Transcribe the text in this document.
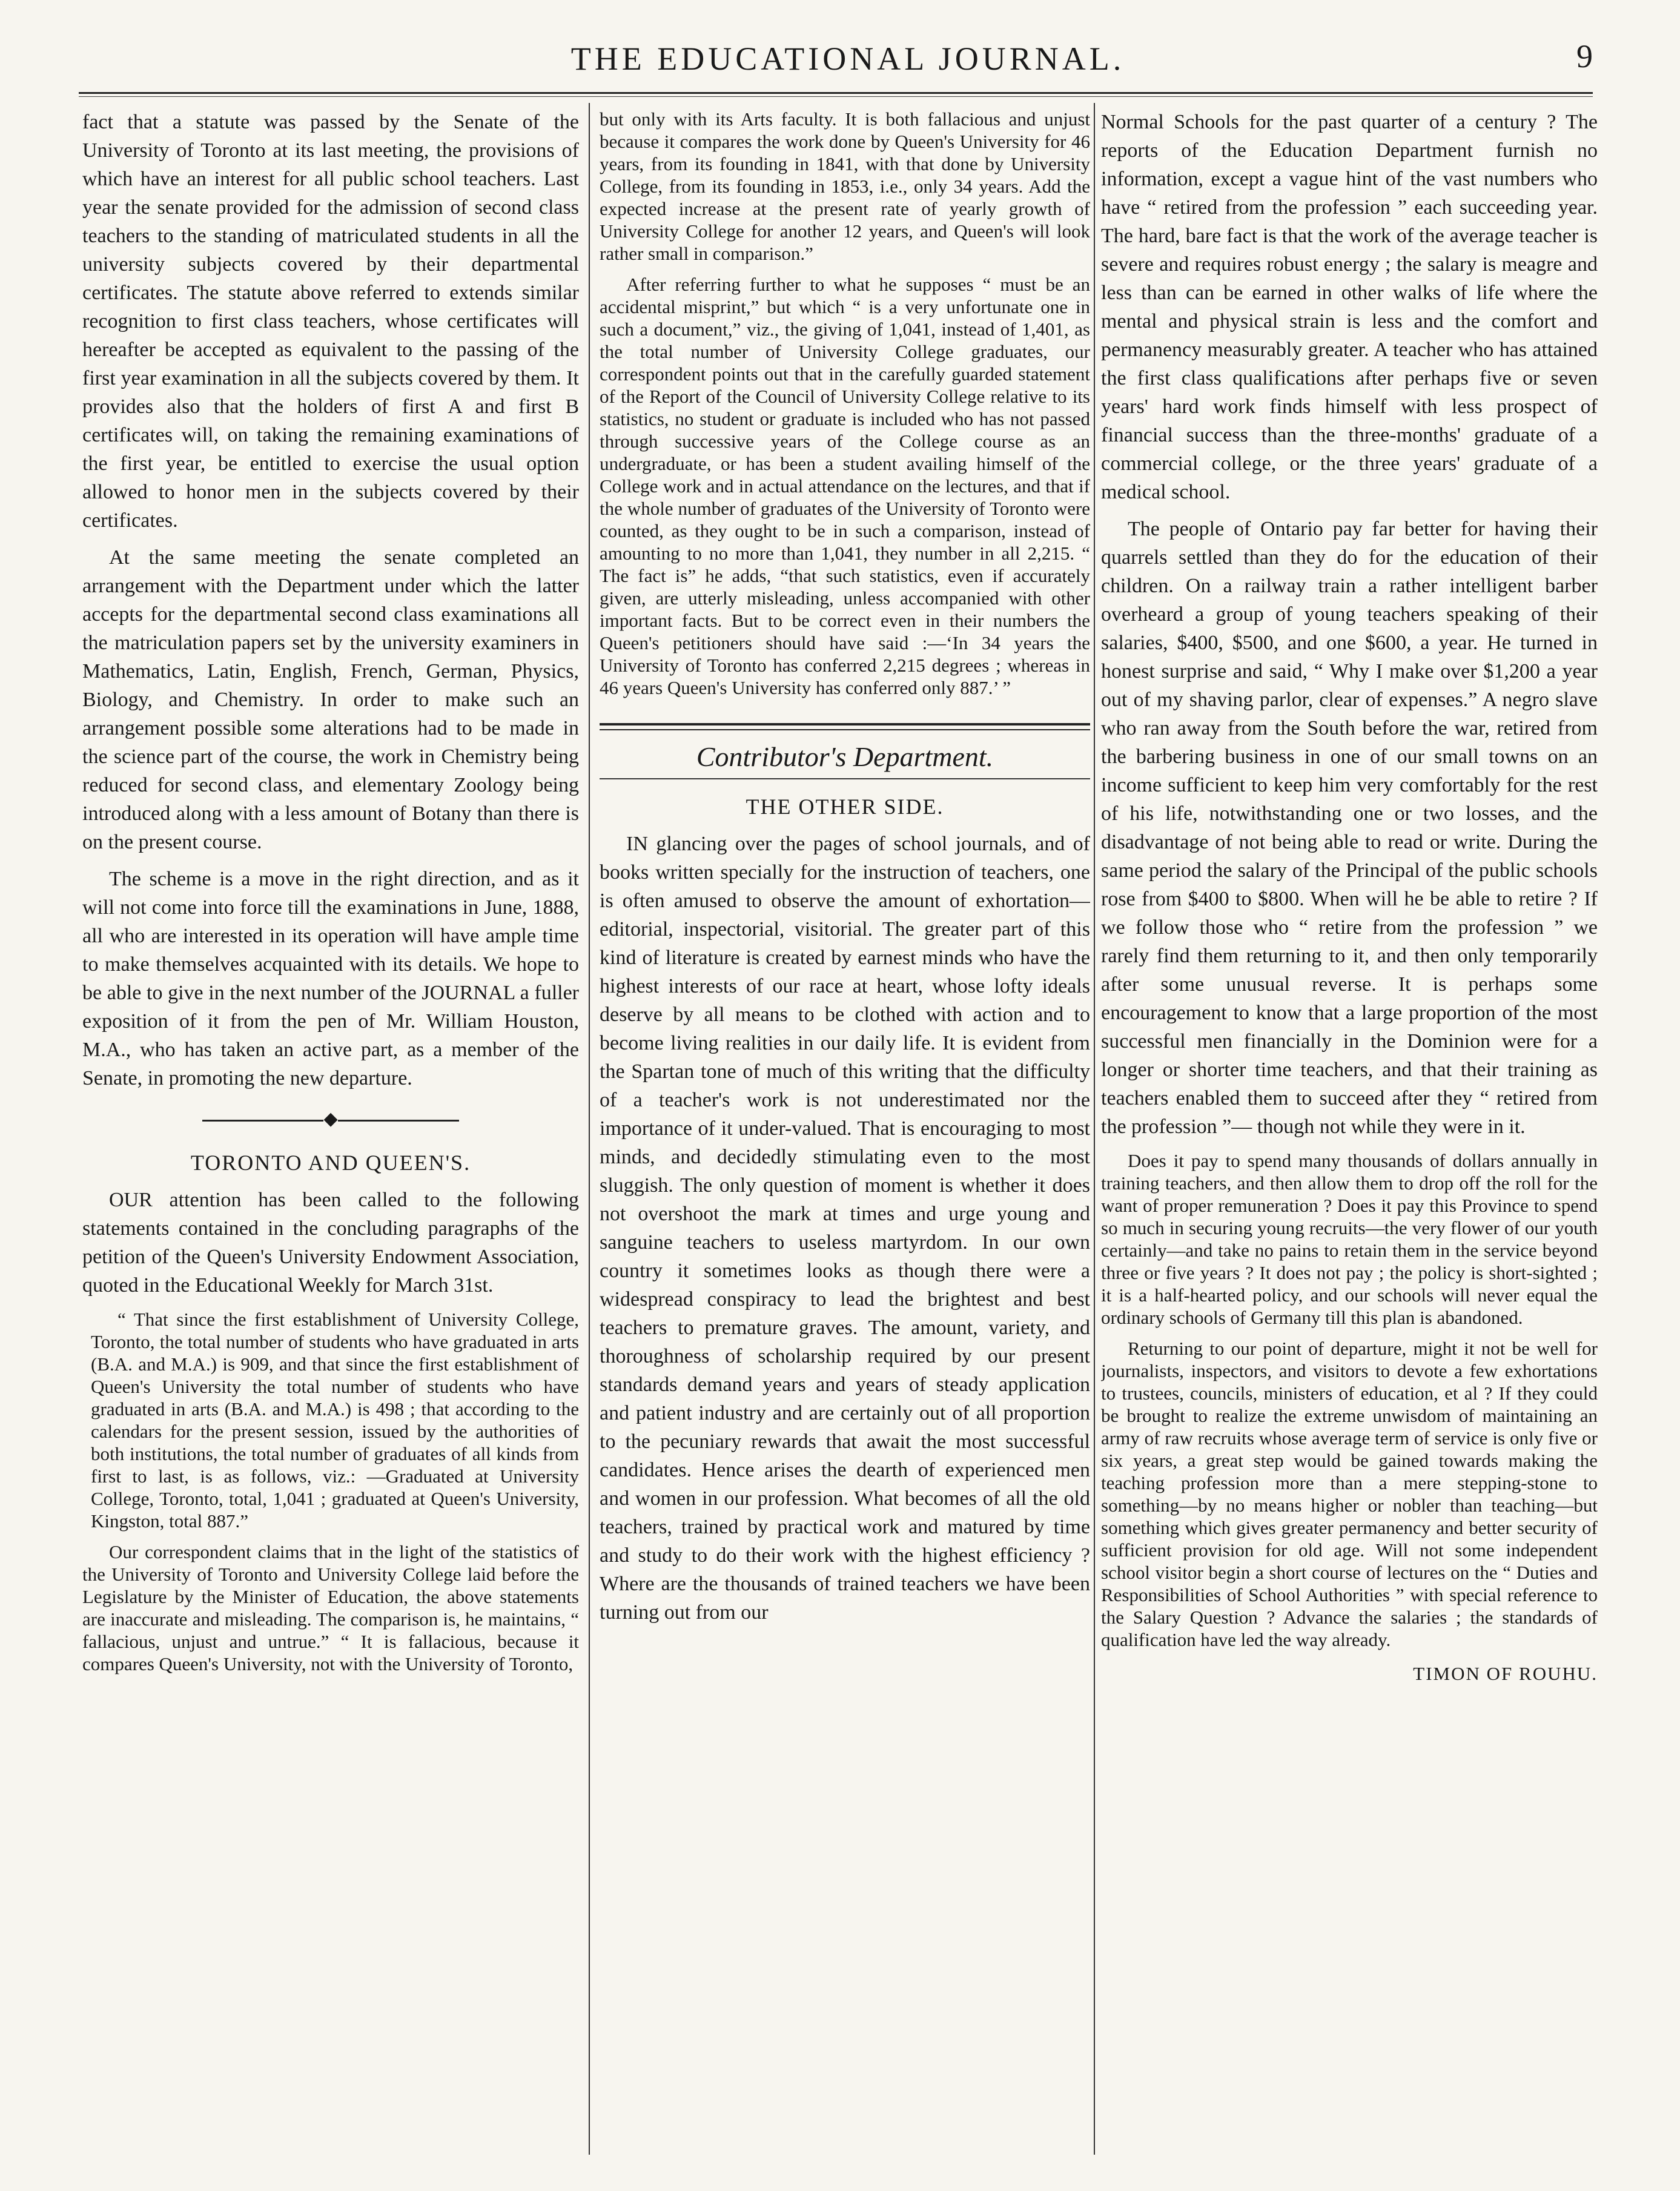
THE EDUCATIONAL JOURNAL.	9

fact that a statute was passed by the Senate of the University of Toronto at its last meeting, the provisions of which have an interest for all public school teachers. Last year the senate provided for the admission of second class teachers to the standing of matriculated students in all the university subjects covered by their departmental certificates. The statute above referred to extends similar recognition to first class teachers, whose certificates will hereafter be accepted as equivalent to the passing of the first year examination in all the subjects covered by them. It provides also that the holders of first A and first B certificates will, on taking the remaining examinations of the first year, be entitled to exercise the usual option allowed to honor men in the subjects covered by their certificates.

At the same meeting the senate completed an arrangement with the Department under which the latter accepts for the departmental second class examinations all the matriculation papers set by the university examiners in Mathematics, Latin, English, French, German, Physics, Biology, and Chemistry. In order to make such an arrangement possible some alterations had to be made in the science part of the course, the work in Chemistry being reduced for second class, and elementary Zoology being introduced along with a less amount of Botany than there is on the present course.

The scheme is a move in the right direction, and as it will not come into force till the examinations in June, 1888, all who are interested in its operation will have ample time to make themselves acquainted with its details. We hope to be able to give in the next number of the JOURNAL a fuller exposition of it from the pen of Mr. William Houston, M.A., who has taken an active part, as a member of the Senate, in promoting the new departure.

◆
TORONTO AND QUEEN'S.

OUR attention has been called to the following statements contained in the concluding paragraphs of the petition of the Queen's University Endowment Association, quoted in the Educational Weekly for March 31st.

“ That since the first establishment of University College, Toronto, the total number of students who have graduated in arts (B.A. and M.A.) is 909, and that since the first establishment of Queen's University the total number of students who have graduated in arts (B.A. and M.A.) is 498 ; that according to the calendars for the present session, issued by the authorities of both institutions, the total number of graduates of all kinds from first to last, is as follows, viz.: —Graduated at University College, Toronto, total, 1,041 ; graduated at Queen's University, Kingston, total 887.”

Our correspondent claims that in the light of the statistics of the University of Toronto and University College laid before the Legislature by the Minister of Education, the above statements are inaccurate and misleading. The comparison is, he maintains, “ fallacious, unjust and untrue.” “ It is fallacious, because it compares Queen's University, not with the University of Toronto,

but only with its Arts faculty. It is both fallacious and unjust because it compares the work done by Queen's University for 46 years, from its founding in 1841, with that done by University College, from its founding in 1853, i.e., only 34 years. Add the expected increase at the present rate of yearly growth of University College for another 12 years, and Queen's will look rather small in comparison.”

After referring further to what he supposes “ must be an accidental misprint,” but which “ is a very unfortunate one in such a document,” viz., the giving of 1,041, instead of 1,401, as the total number of University College graduates, our correspondent points out that in the carefully guarded statement of the Report of the Council of University College relative to its statistics, no student or graduate is included who has not passed through successive years of the College course as an undergraduate, or has been a student availing himself of the College work and in actual attendance on the lectures, and that if the whole number of graduates of the University of Toronto were counted, as they ought to be in such a comparison, instead of amounting to no more than 1,041, they number in all 2,215. “ The fact is” he adds, “that such statistics, even if accurately given, are utterly misleading, unless accompanied with other important facts. But to be correct even in their numbers the Queen's petitioners should have said :—‘In 34 years the University of Toronto has conferred 2,215 degrees ; whereas in 46 years Queen's University has conferred only 887.’ ”

Contributor's Department.
THE OTHER SIDE.

IN glancing over the pages of school journals, and of books written specially for the instruction of teachers, one is often amused to observe the amount of exhortation—editorial, inspectorial, visitorial. The greater part of this kind of literature is created by earnest minds who have the highest interests of our race at heart, whose lofty ideals deserve by all means to be clothed with action and to become living realities in our daily life. It is evident from the Spartan tone of much of this writing that the difficulty of a teacher's work is not underestimated nor the importance of it under-valued. That is encouraging to most minds, and decidedly stimulating even to the most sluggish. The only question of moment is whether it does not overshoot the mark at times and urge young and sanguine teachers to useless martyrdom. In our own country it sometimes looks as though there were a widespread conspiracy to lead the brightest and best teachers to premature graves. The amount, variety, and thoroughness of scholarship required by our present standards demand years and years of steady application and patient industry and are certainly out of all proportion to the pecuniary rewards that await the most successful candidates. Hence arises the dearth of experienced men and women in our profession. What becomes of all the old teachers, trained by practical work and matured by time and study to do their work with the highest efficiency ? Where are the thousands of trained teachers we have been turning out from our

Normal Schools for the past quarter of a century ? The reports of the Education Department furnish no information, except a vague hint of the vast numbers who have “ retired from the profession ” each succeeding year. The hard, bare fact is that the work of the average teacher is severe and requires robust energy ; the salary is meagre and less than can be earned in other walks of life where the mental and physical strain is less and the comfort and permanency measurably greater. A teacher who has attained the first class qualifications after perhaps five or seven years' hard work finds himself with less prospect of financial success than the three-months' graduate of a commercial college, or the three years' graduate of a medical school.

The people of Ontario pay far better for having their quarrels settled than they do for the education of their children. On a railway train a rather intelligent barber overheard a group of young teachers speaking of their salaries, $400, $500, and one $600, a year. He turned in honest surprise and said, “ Why I make over $1,200 a year out of my shaving parlor, clear of expenses.” A negro slave who ran away from the South before the war, retired from the barbering business in one of our small towns on an income sufficient to keep him very comfortably for the rest of his life, notwithstanding one or two losses, and the disadvantage of not being able to read or write. During the same period the salary of the Principal of the public schools rose from $400 to $800. When will he be able to retire ? If we follow those who “ retire from the profession ” we rarely find them returning to it, and then only temporarily after some unusual reverse. It is perhaps some encouragement to know that a large proportion of the most successful men financially in the Dominion were for a longer or shorter time teachers, and that their training as teachers enabled them to succeed after they “ retired from the profession ”— though not while they were in it.

Does it pay to spend many thousands of dollars annually in training teachers, and then allow them to drop off the roll for the want of proper remuneration ? Does it pay this Province to spend so much in securing young recruits—the very flower of our youth certainly—and take no pains to retain them in the service beyond three or five years ? It does not pay ; the policy is short-sighted ; it is a half-hearted policy, and our schools will never equal the ordinary schools of Germany till this plan is abandoned.

Returning to our point of departure, might it not be well for journalists, inspectors, and visitors to devote a few exhortations to trustees, councils, ministers of education, et al ? If they could be brought to realize the extreme unwisdom of maintaining an army of raw recruits whose average term of service is only five or six years, a great step would be gained towards making the teaching profession more than a mere stepping-stone to something—by no means higher or nobler than teaching—but something which gives greater permanency and better security of sufficient provision for old age. Will not some independent school visitor begin a short course of lectures on the “ Duties and Responsibilities of School Authorities ” with special reference to the Salary Question ? Advance the salaries ; the standards of qualification have led the way already.

TIMON OF ROUHU.
